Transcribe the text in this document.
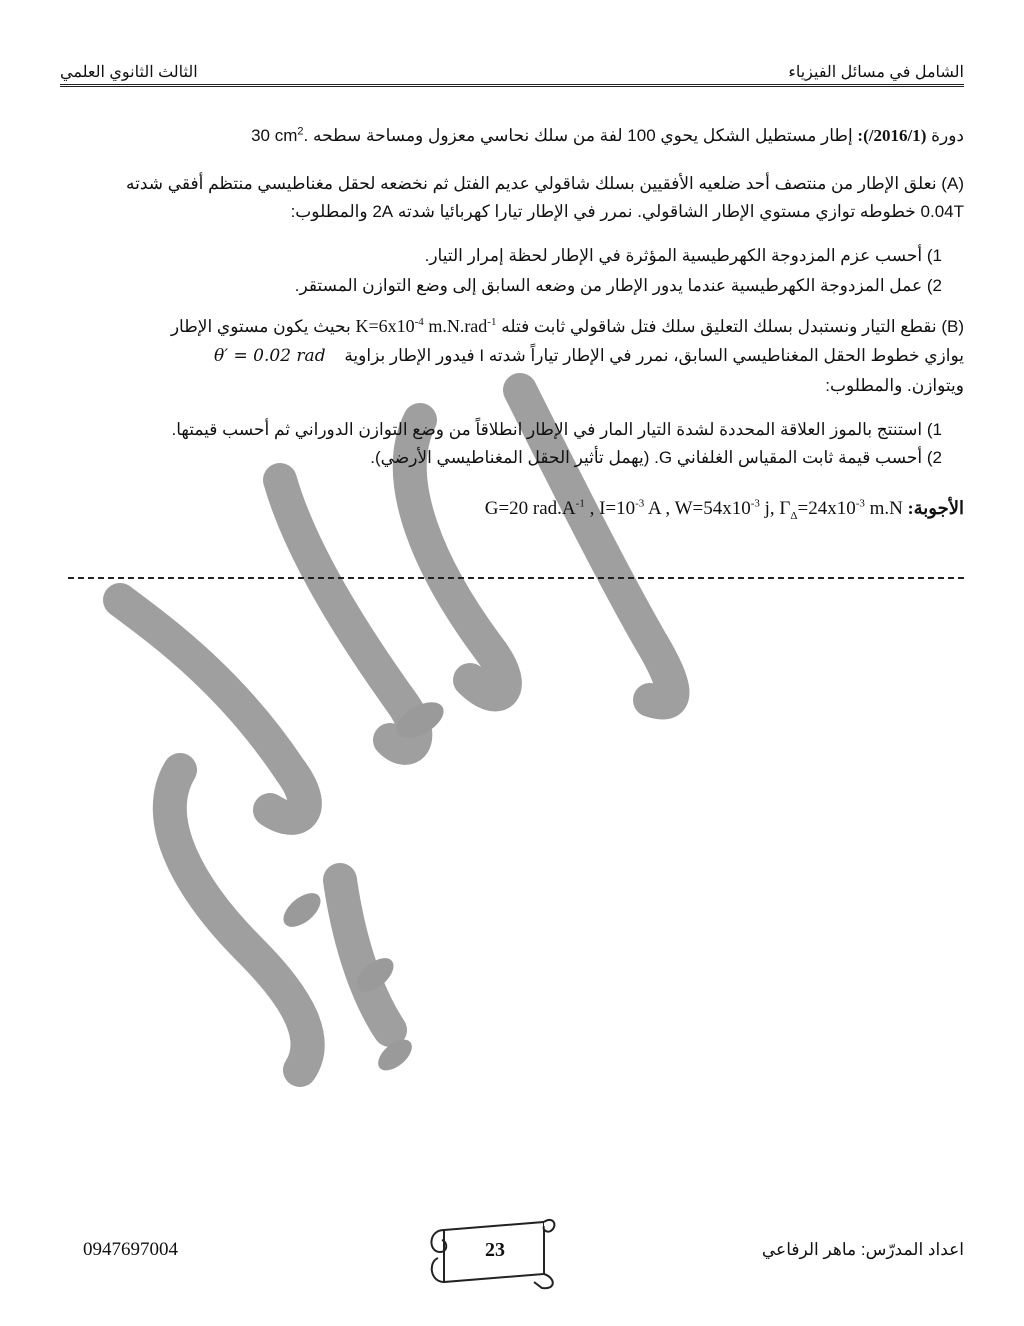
الشامل في مسائل الفيزياء
الثالث الثانوي العلمي
دورة (2016/1/): إطار مستطيل الشكل يحوي 100 لفة من سلك نحاسي معزول ومساحة سطحه 30 $cm^2$.
(A) نعلق الإطار من منتصف أحد ضلعيه الأفقيين بسلك شاقولي عديم الفتل ثم نخضعه لحقل مغناطيسي منتظم أفقي شدته
0.04T خطوطه توازي مستوي الإطار الشاقولي. نمرر في الإطار تيارا كهربائيا شدته 2A والمطلوب:
1) أحسب عزم المزدوجة الكهرطيسية المؤثرة في الإطار لحظة إمرار التيار.
2) عمل المزدوجة الكهرطيسية عندما يدور الإطار من وضعه السابق إلى وضع التوازن المستقر.
(B) نقطع التيار ونستبدل بسلك التعليق سلك فتل شاقولي ثابت فتله $K=6x10^{-4}$ m.N.rad$^{-1}$ بحيث يكون مستوي الإطار
يوازي خطوط الحقل المغناطيسي السابق، نمرر في الإطار تياراً شدته I فيدور الإطار بزاوية θ′ = 0.02 rad
ويتوازن. والمطلوب:
1) استنتج بالموز العلاقة المحددة لشدة التيار المار في الإطار انطلاقاً من وضع التوازن الدوراني ثم أحسب قيمتها.
2) أحسب قيمة ثابت المقياس الغلفاني G. (يهمل تأثير الحقل المغناطيسي الأرضي).
الأجوبة: G=20 $rad.A^{-1}$ , $I=10^{-3}$ A , $W=54x10^{-3}$ j, $\Gamma_\Delta=24x10^{-3}$ m.N
اعداد المدرّس: ماهر الرفاعي
0947697004	23
